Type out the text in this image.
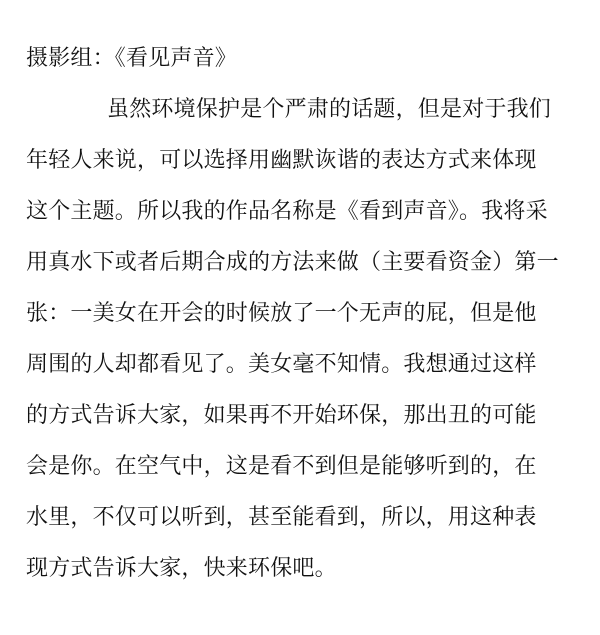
摄影组：《看见声音》
虽然环境保护是个严肃的话题，但是对于我们
年轻人来说，可以选择用幽默诙谐的表达方式来体现
这个主题。所以我的作品名称是《看到声音》。我将采
用真水下或者后期合成的方法来做（主要看资金）第一
张：一美女在开会的时候放了一个无声的屁，但是他
周围的人却都看见了。美女毫不知情。我想通过这样
的方式告诉大家，如果再不开始环保，那出丑的可能
会是你。在空气中，这是看不到但是能够听到的，在
水里，不仅可以听到，甚至能看到，所以，用这种表
现方式告诉大家，快来环保吧。
